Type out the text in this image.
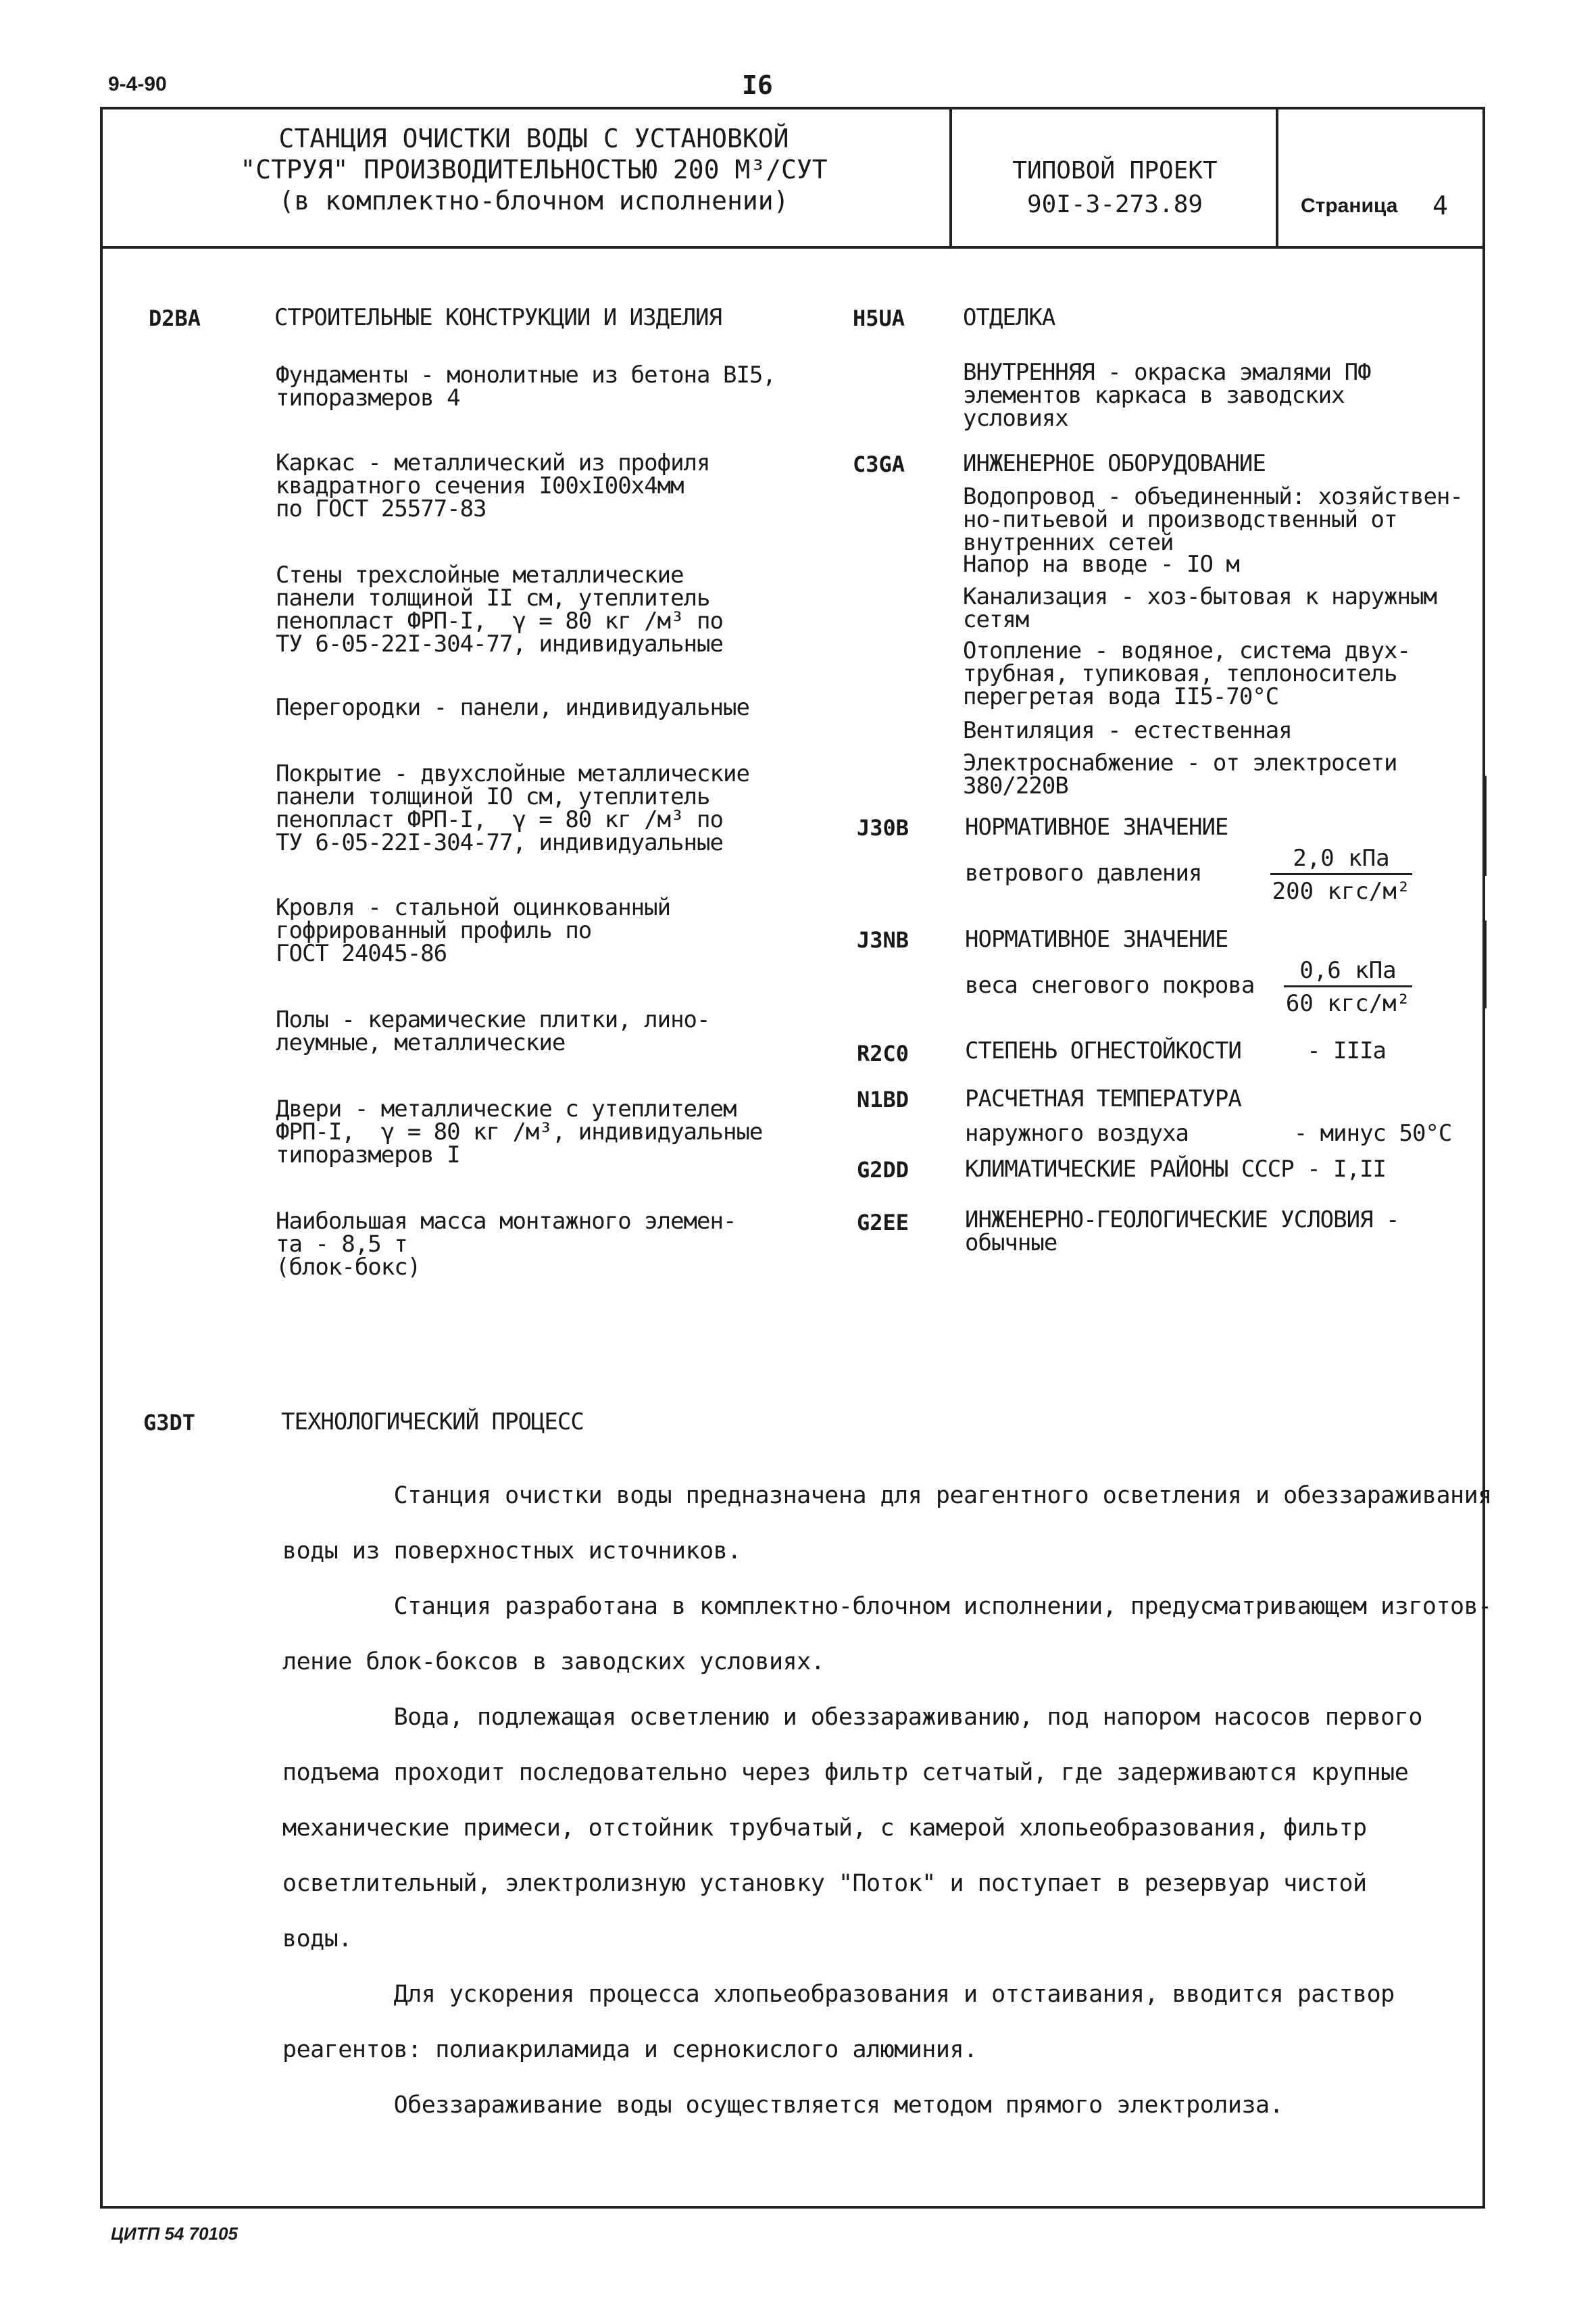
9-4-90	I6
СТАНЦИЯ ОЧИСТКИ ВОДЫ С УСТАНОВКОЙ
"СТРУЯ" ПРОИЗВОДИТЕЛЬНОСТЬЮ 200 М³/СУТ
(в комплектно-блочном исполнении)
ТИПОВОЙ ПРОЕКТ
90I-3-273.89	Страница 4
D2BA	СТРОИТЕЛЬНЫЕ КОНСТРУКЦИИ И ИЗДЕЛИЯ
Фундаменты - монолитные из бетона BI5,
типоразмеров 4
Каркас - металлический из профиля
квадратного сечения I00xI00x4мм
по ГОСТ 25577-83
Стены трехслойные металлические
панели толщиной II см, утеплитель
пенопласт ФРП-I,  γ = 80 кг /м³ по
ТУ 6-05-22I-304-77, индивидуальные
Перегородки - панели, индивидуальные
Покрытие - двухслойные металлические
панели толщиной IO см, утеплитель
пенопласт ФРП-I,  γ = 80 кг /м³ по
ТУ 6-05-22I-304-77, индивидуальные
Кровля - стальной оцинкованный
гофрированный профиль по
ГОСТ 24045-86
Полы - керамические плитки, лино-
леумные, металлические
Двери - металлические с утеплителем
ФРП-I,  γ = 80 кг /м³, индивидуальные
типоразмеров I
Наибольшая масса монтажного элемен-
та - 8,5 т
(блок-бокс)
H5UA	ОТДЕЛКА
ВНУТРЕННЯЯ - окраска эмалями ПФ
элементов каркаса в заводских
условиях
C3GA	ИНЖЕНЕРНОЕ ОБОРУДОВАНИЕ
Водопровод - объединенный: хозяйствен-
но-питьевой и производственный от
внутренних сетей
Напор на вводе - IO м
Канализация - хоз-бытовая к наружным
сетям
Отопление - водяное, система двух-
трубная, тупиковая, теплоноситель
перегретая вода II5-70°С
Вентиляция - естественная
Электроснабжение - от электросети
380/220В
J30B НОРМАТИВНОЕ ЗНАЧЕНИЕ
ветрового давления
2,0 кПа
200 кгс/м²
J3NB НОРМАТИВНОЕ ЗНАЧЕНИЕ
веса снегового покрова
0,6 кПа
60 кгс/м²
R2C0 СТЕПЕНЬ ОГНЕСТОЙКОСТИ     - IIIа
N1BD РАСЧЕТНАЯ ТЕМПЕРАТУРА
наружного воздуха        - минус 50°С
G2DD КЛИМАТИЧЕСКИЕ РАЙОНЫ СССР - I,II
G2EE ИНЖЕНЕРНО-ГЕОЛОГИЧЕСКИЕ УСЛОВИЯ -
обычные
G3DT	ТЕХНОЛОГИЧЕСКИЙ ПРОЦЕСС
Станция очистки воды предназначена для реагентного осветления и обеззараживания
воды из поверхностных источников.
Станция разработана в комплектно-блочном исполнении, предусматривающем изготов-
ление блок-боксов в заводских условиях.
Вода, подлежащая осветлению и обеззараживанию, под напором насосов первого
подъема проходит последовательно через фильтр сетчатый, где задерживаются крупные
механические примеси, отстойник трубчатый, с камерой хлопьеобразования, фильтр
осветлительный, электролизную установку "Поток" и поступает в резервуар чистой
воды.
Для ускорения процесса хлопьеобразования и отстаивания, вводится раствор
реагентов: полиакриламида и сернокислого алюминия.
Обеззараживание воды осуществляется методом прямого электролиза.
ЦИТП 54 70105
